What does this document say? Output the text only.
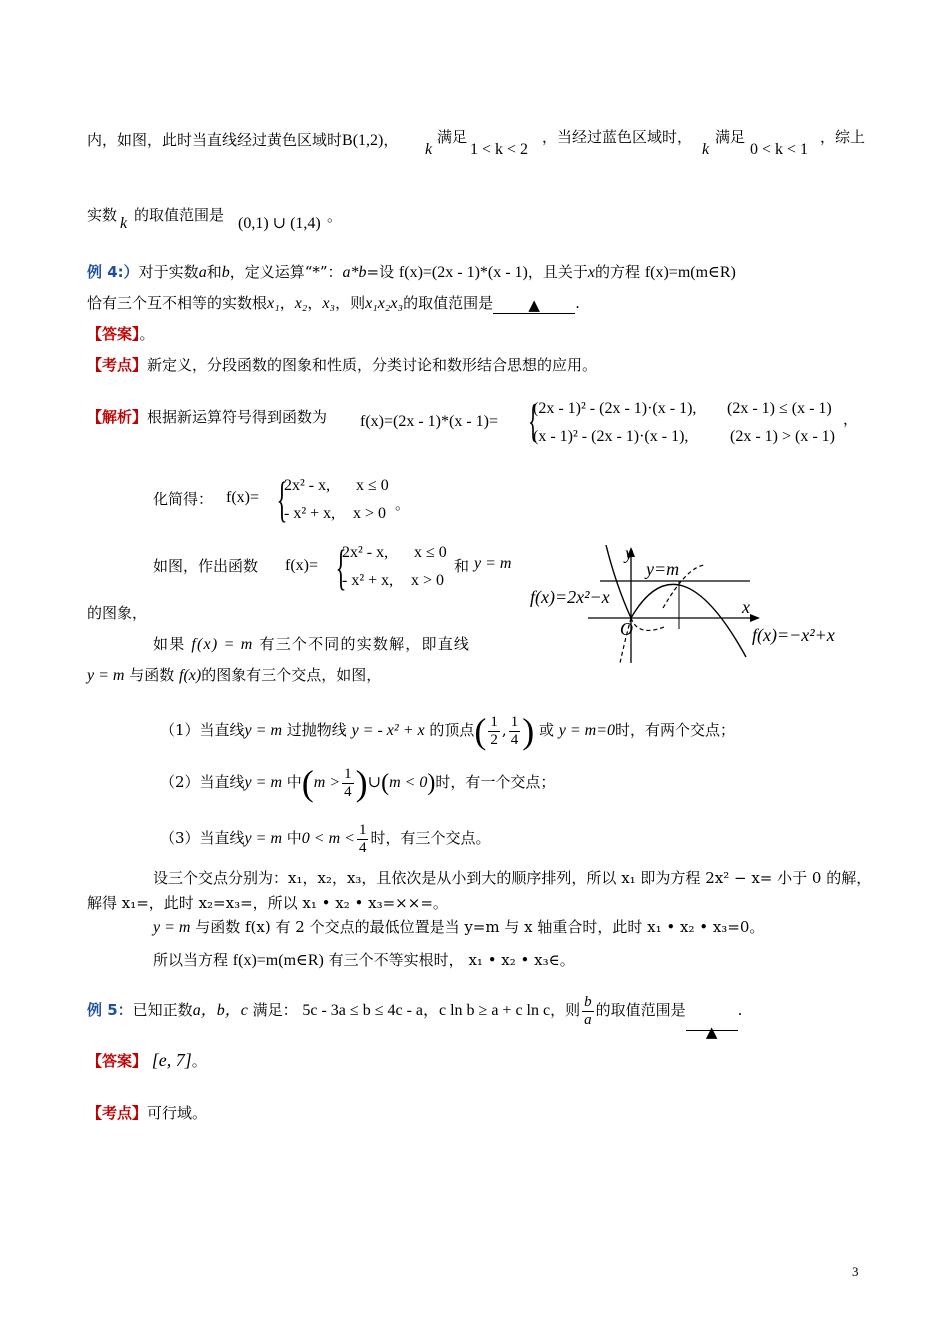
内，如图，此时当直线经过黄色区域时B(1,2)，
k
满足
1 < k < 2
，当经过蓝色区域时，
k
满足
0 < k < 1
，综上
实数 k 的取值范围是 (0,1) ∪ (1,4) 。
例 4:）对于实数a和b，定义运算“*”：a*b=设 f(x)=(2x - 1)*(x - 1)，且关于x的方程 f(x)=m(m∈R)
恰有三个互不相等的实数根x₁，x₂，x₃，则x₁x₂x₃的取值范围是 ▲ .
【答案】。
【考点】新定义，分段函数的图象和性质，分类讨论和数形结合思想的应用。
【解析】根据新运算符号得到函数为 f(x)=(2x - 1)*(x - 1)= {
(2x - 1)² - (2x - 1)·(x - 1), (2x - 1) ≤ (x - 1)
(x - 1)² - (2x - 1)·(x - 1),	(2x - 1) > (x - 1)
，
化简得： f(x)= {
2x² - x, x ≤ 0
- x² + x, x > 0
。
如图，作出函数 f(x)= {
2x² - x, x ≤ 0
- x² + x, x > 0
和 y = m
的图象，
如果 f(x) = m 有三个不同的实数解，即直线
y = m 与函数 f(x)的图象有三个交点，如图，
y
y=m
f(x)=2x²−x	x
O	f(x)=−x²+x
（1）当直线y = m 过抛物线 y = - x² + x 的顶点( $\frac{1}{2}$ , $\frac{1}{4}$ ) 或 y = m=0时，有两个交点；
（2）当直线y = m 中($m > \frac{1}{4}$ )∪(m < 0)时，有一个交点；
（3）当直线y = m 中$0 < m < \frac{1}{4}$ 时，有三个交点。
设三个交点分别为：x₁，x₂，x₃，且依次是从小到大的顺序排列，所以 x₁ 即为方程 2x² − x= 小于 0 的解，
解得 x₁=，此时 x₂=x₃=，所以 x₁ • x₂ • x₃=××=。
y = m 与函数 f(x) 有 2 个交点的最低位置是当 y=m 与 x 轴重合时，此时 x₁ • x₂ • x₃=0。
所以当方程 f(x)=m(m∈R) 有三个不等实根时， x₁ • x₂ • x₃∈。
例 5：已知正数a，b，c 满足： 5c - 3a ≤ b ≤ 4c - a，c ln b ≥ a + c ln c，则 $\frac{b}{a}$ 的取值范围是▲.
【答案】 [e, 7]。
【考点】可行域。
3
